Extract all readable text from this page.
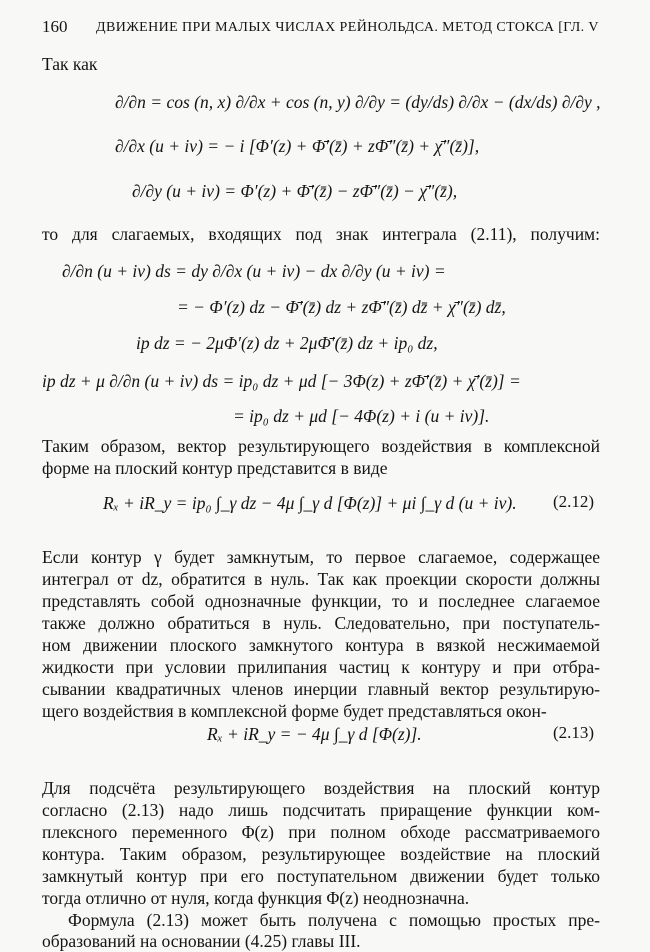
160 ДВИЖЕНИЕ ПРИ МАЛЫХ ЧИСЛАХ РЕЙНОЛЬДСА. МЕТОД СТОКСА [ГЛ. V
Так как
∂/∂n = cos (n, x) ∂/∂x + cos (n, y) ∂/∂y = (dy/ds) ∂/∂x − (dx/ds) ∂/∂y ,
∂/∂x (u + iv) = − i [Φ′(z) + Φ̄′(z̄) + zΦ̄″(z̄) + χ̄″(z̄)],
∂/∂y (u + iv) = Φ′(z) + Φ̄′(z̄) − zΦ̄″(z̄) − χ̄″(z̄),
то для слагаемых, входящих под знак интеграла (2.11), получим:
∂/∂n (u + iv) ds = dy ∂/∂x (u + iv) − dx ∂/∂y (u + iv) =
= − Φ′(z) dz − Φ̄′(z̄) dz + zΦ̄″(z̄) dz̄ + χ̄″(z̄) dz̄,
ip dz = − 2μΦ′(z) dz + 2μΦ̄′(z̄) dz + ip₀ dz,
ip dz + μ ∂/∂n (u + iv) ds = ip₀ dz + μd [− 3Φ(z) + zΦ̄′(z̄) + χ̄′(z̄)] =
= ip₀ dz + μd [− 4Φ(z) + i (u + iv)].
Таким образом, вектор результирующего воздействия в комплексной
форме на плоский контур представится в виде
Rₓ + iR_y = ip₀ ∫_γ dz − 4μ ∫_γ d [Φ(z)] + μi ∫_γ d (u + iv). (2.12)
Если контур γ будет замкнутым, то первое слагаемое, содержащее
интеграл от dz, обратится в нуль. Так как проекции скорости должны
представлять собой однозначные функции, то и последнее слагаемое
также должно обратиться в нуль. Следовательно, при поступатель-
ном движении плоского замкнутого контура в вязкой несжимаемой
жидкости при условии прилипания частиц к контуру и при отбра-
сывании квадратичных членов инерции главный вектор результирую-
щего воздействия в комплексной форме будет представляться окон-
Rₓ + iR_y = − 4μ ∫_γ d [Φ(z)].	(2.13)
Для подсчёта результирующего воздействия на плоский контур
согласно (2.13) надо лишь подсчитать приращение функции ком-
плексного переменного Φ(z) при полном обходе рассматриваемого
контура. Таким образом, результирующее воздействие на плоский
замкнутый контур при его поступательном движении будет только
тогда отлично от нуля, когда функция Φ(z) неоднозначна.
Формула (2.13) может быть получена с помощью простых пре-
образований на основании (4.25) главы III.
